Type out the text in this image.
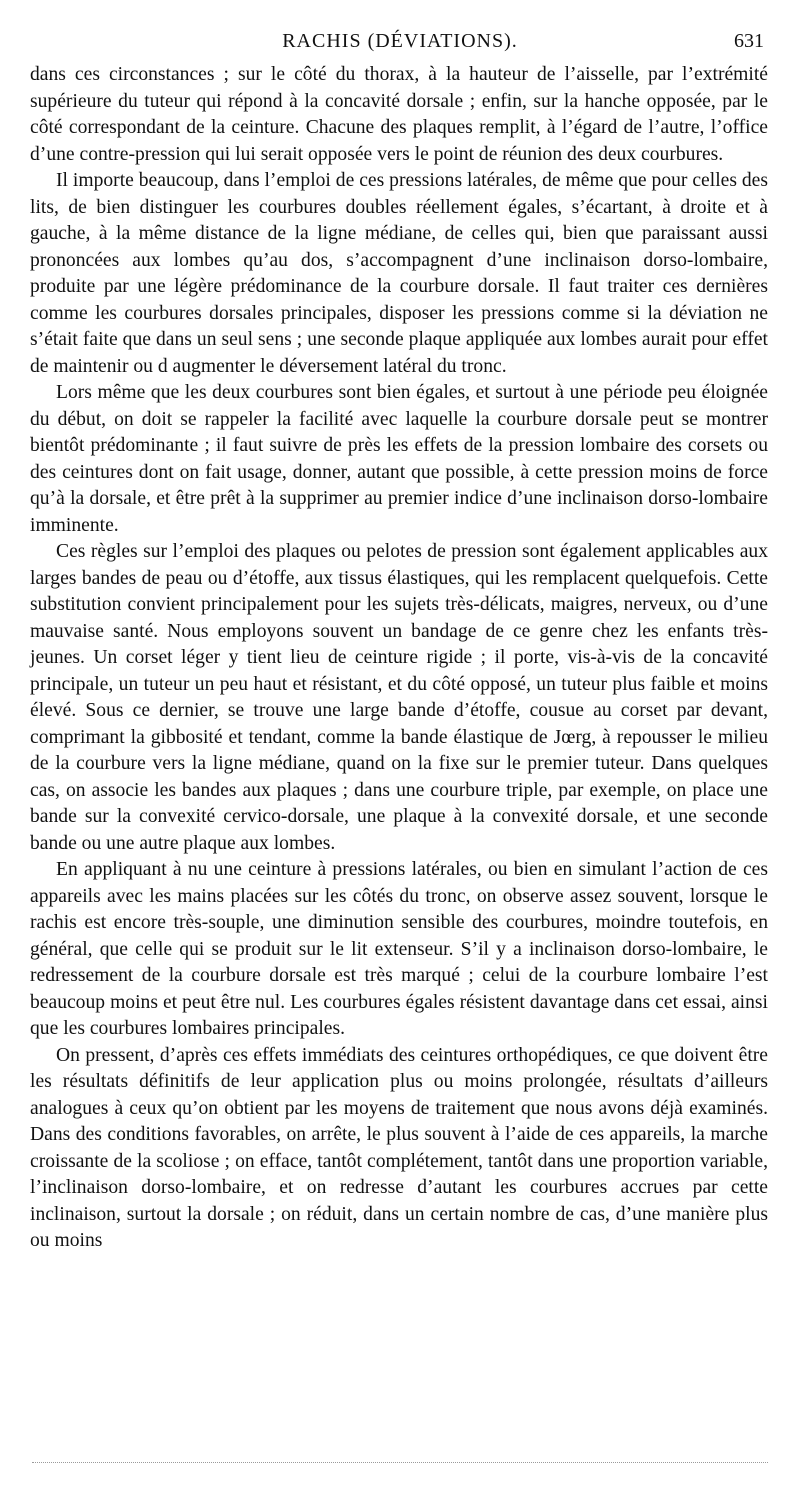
RACHIS (DÉVIATIONS).	631

dans ces circonstances ; sur le côté du thorax, à la hauteur de l’aisselle, par l’extrémité supérieure du tuteur qui répond à la concavité dorsale ; enfin, sur la hanche opposée, par le côté correspondant de la ceinture. Chacune des plaques remplit, à l’égard de l’autre, l’office d’une contre-pression qui lui serait opposée vers le point de réunion des deux courbures.

Il importe beaucoup, dans l’emploi de ces pressions latérales, de même que pour celles des lits, de bien distinguer les courbures doubles réellement égales, s’écartant, à droite et à gauche, à la même distance de la ligne médiane, de celles qui, bien que paraissant aussi prononcées aux lombes qu’au dos, s’accompagnent d’une inclinaison dorso-lombaire, produite par une légère prédominance de la courbure dorsale. Il faut traiter ces dernières comme les courbures dorsales principales, disposer les pressions comme si la déviation ne s’était faite que dans un seul sens ; une seconde plaque appliquée aux lombes aurait pour effet de maintenir ou d augmenter le déversement latéral du tronc.

Lors même que les deux courbures sont bien égales, et surtout à une période peu éloignée du début, on doit se rappeler la facilité avec laquelle la courbure dorsale peut se montrer bientôt prédominante ; il faut suivre de près les effets de la pression lombaire des corsets ou des ceintures dont on fait usage, donner, autant que possible, à cette pression moins de force qu’à la dorsale, et être prêt à la supprimer au premier indice d’une inclinaison dorso-lombaire imminente.

Ces règles sur l’emploi des plaques ou pelotes de pression sont également applicables aux larges bandes de peau ou d’étoffe, aux tissus élastiques, qui les remplacent quelquefois. Cette substitution convient principalement pour les sujets très-délicats, maigres, nerveux, ou d’une mauvaise santé. Nous employons souvent un bandage de ce genre chez les enfants très-jeunes. Un corset léger y tient lieu de ceinture rigide ; il porte, vis-à-vis de la concavité principale, un tuteur un peu haut et résistant, et du côté opposé, un tuteur plus faible et moins élevé. Sous ce dernier, se trouve une large bande d’étoffe, cousue au corset par devant, comprimant la gibbosité et tendant, comme la bande élastique de Jœrg, à repousser le milieu de la courbure vers la ligne médiane, quand on la fixe sur le premier tuteur. Dans quelques cas, on associe les bandes aux plaques ; dans une courbure triple, par exemple, on place une bande sur la convexité cervico-dorsale, une plaque à la convexité dorsale, et une seconde bande ou une autre plaque aux lombes.

En appliquant à nu une ceinture à pressions latérales, ou bien en simulant l’action de ces appareils avec les mains placées sur les côtés du tronc, on observe assez souvent, lorsque le rachis est encore très-souple, une diminution sensible des courbures, moindre toutefois, en général, que celle qui se produit sur le lit extenseur. S’il y a inclinaison dorso-lombaire, le redressement de la courbure dorsale est très marqué ; celui de la courbure lombaire l’est beaucoup moins et peut être nul. Les courbures égales résistent davantage dans cet essai, ainsi que les courbures lombaires principales.

On pressent, d’après ces effets immédiats des ceintures orthopédiques, ce que doivent être les résultats définitifs de leur application plus ou moins prolongée, résultats d’ailleurs analogues à ceux qu’on obtient par les moyens de traitement que nous avons déjà examinés. Dans des conditions favorables, on arrête, le plus souvent à l’aide de ces appareils, la marche croissante de la scoliose ; on efface, tantôt complétement, tantôt dans une proportion variable, l’inclinaison dorso-lombaire, et on redresse d’autant les courbures accrues par cette inclinaison, surtout la dorsale ; on réduit, dans un certain nombre de cas, d’une manière plus ou moins
